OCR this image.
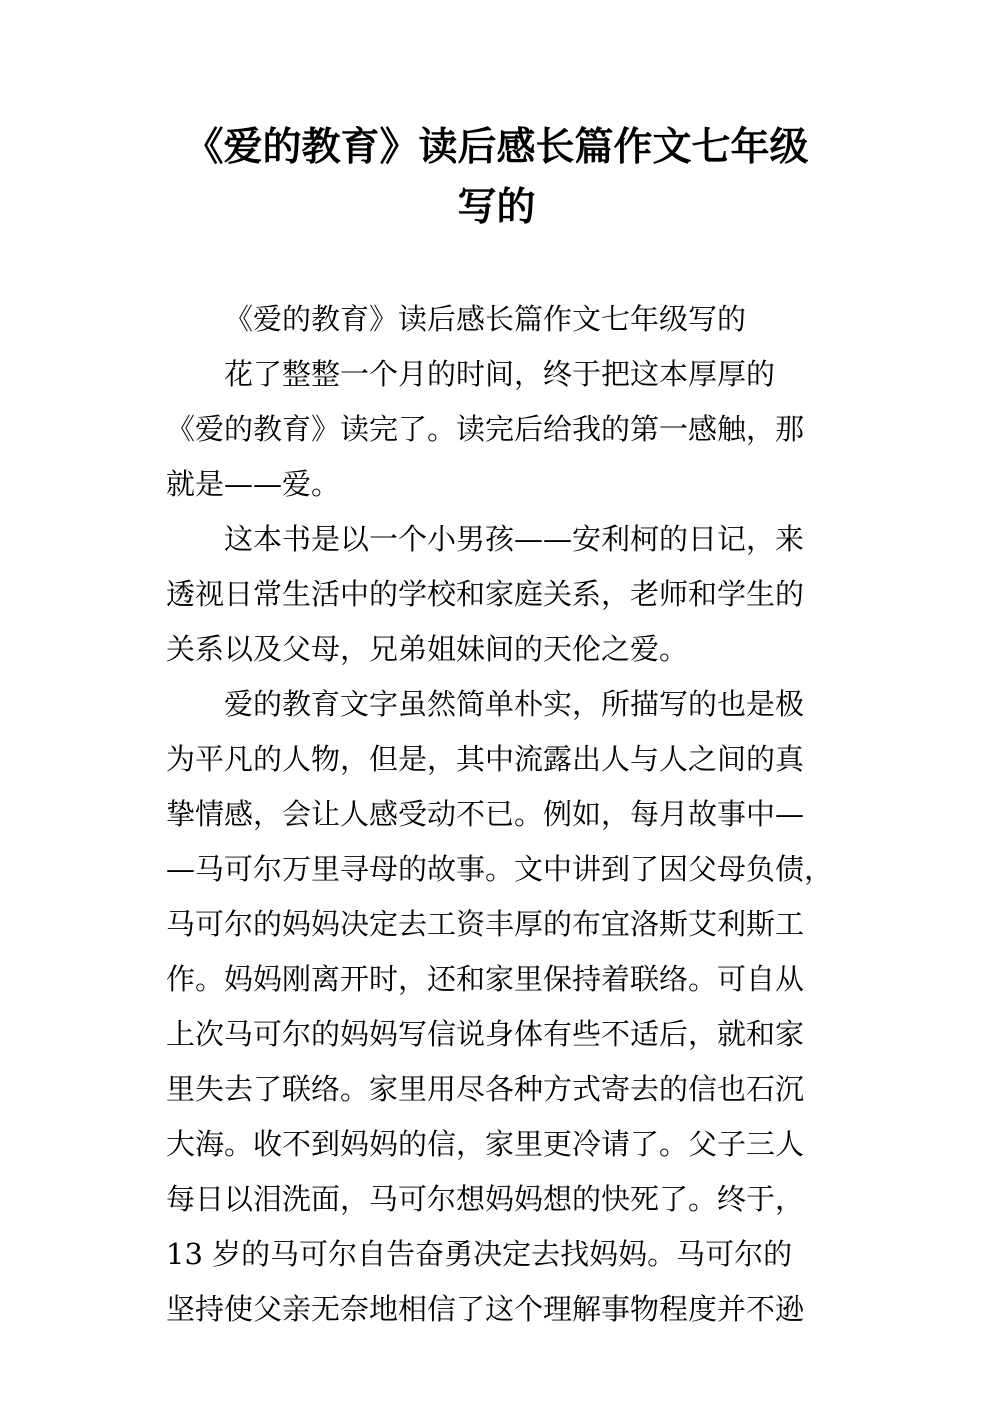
《爱的教育》读后感长篇作文七年级
写的
《爱的教育》读后感长篇作文七年级写的
花了整整一个月的时间，终于把这本厚厚的
《爱的教育》读完了。读完后给我的第一感触，那
就是——爱。
这本书是以一个小男孩——安利柯的日记，来
透视日常生活中的学校和家庭关系，老师和学生的
关系以及父母，兄弟姐妹间的天伦之爱。
爱的教育文字虽然简单朴实，所描写的也是极
为平凡的人物，但是，其中流露出人与人之间的真
挚情感，会让人感受动不已。例如，每月故事中—
—马可尔万里寻母的故事。文中讲到了因父母负债，
马可尔的妈妈决定去工资丰厚的布宜洛斯艾利斯工
作。妈妈刚离开时，还和家里保持着联络。可自从
上次马可尔的妈妈写信说身体有些不适后，就和家
里失去了联络。家里用尽各种方式寄去的信也石沉
大海。收不到妈妈的信，家里更冷请了。父子三人
每日以泪洗面，马可尔想妈妈想的快死了。终于，
13 岁的马可尔自告奋勇决定去找妈妈。马可尔的
坚持使父亲无奈地相信了这个理解事物程度并不逊
